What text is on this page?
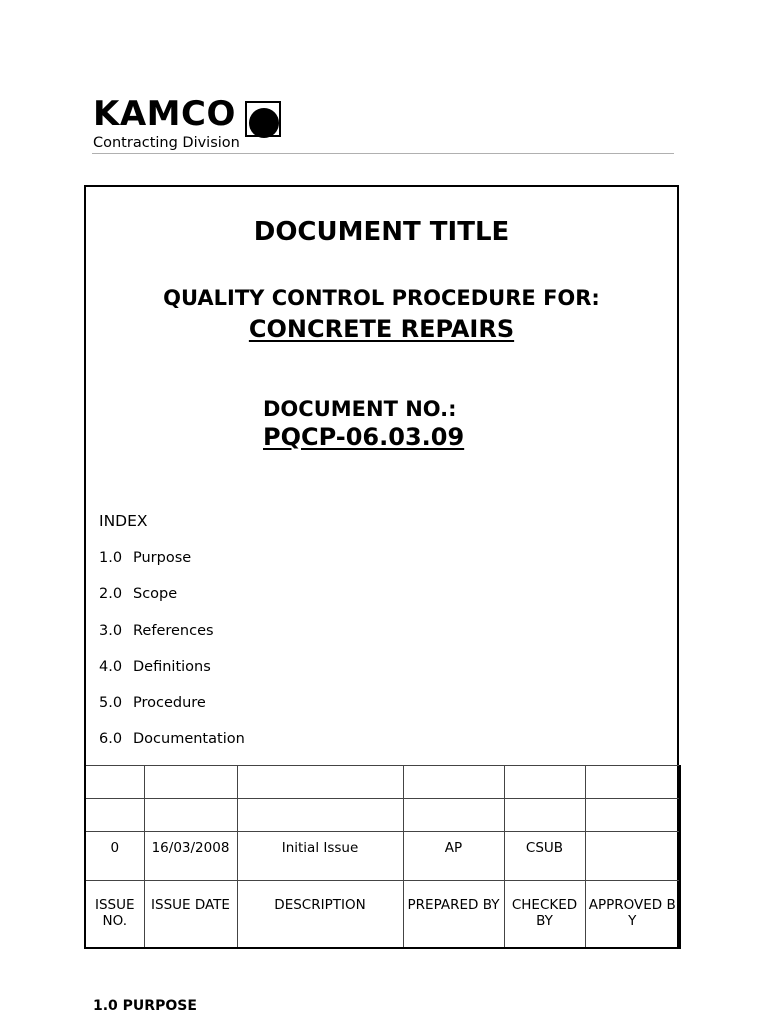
KAMCO
Contracting Division
DOCUMENT TITLE
QUALITY CONTROL PROCEDURE FOR:
CONCRETE REPAIRS
DOCUMENT NO.:
PQCP-06.03.09
INDEX
1.0 Purpose
2.0 Scope
3.0 References
4.0 Definitions
5.0 Procedure
6.0 Documentation

0	16/03/2008	Initial Issue	AP	CSUB	
ISSUE NO.	ISSUE DATE	DESCRIPTION	PREPARED BY	CHECKED BY	APPROVED BY
1.0 PURPOSE
